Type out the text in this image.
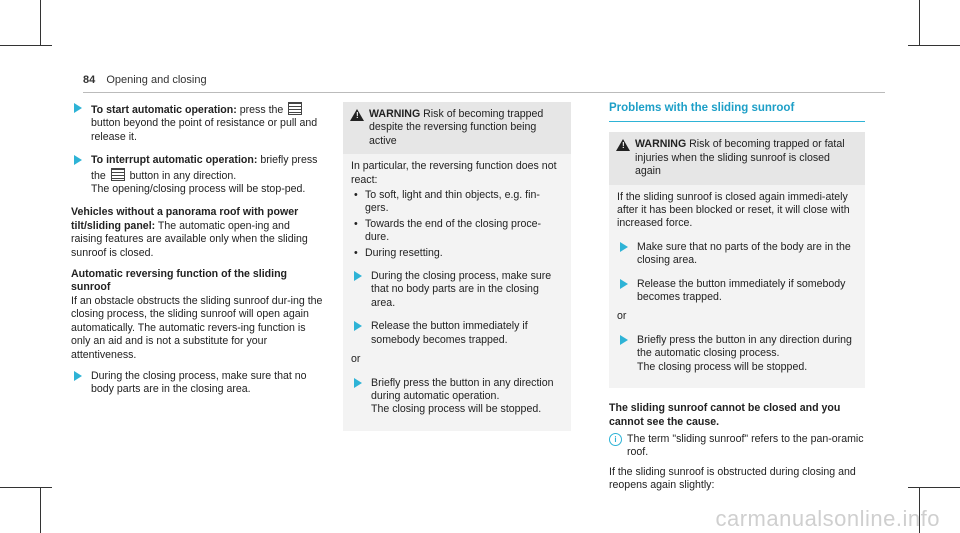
84 Opening and closing
To start automatic operation: press the  button beyond the point of resistance or pull and release it.
To interrupt automatic operation: briefly press the  button in any direction.
The opening/closing process will be stop-ped.

Vehicles without a panorama roof with power tilt/sliding panel: The automatic open-ing and raising features are available only when the sliding sunroof is closed.

Automatic reversing function of the sliding sunroof

If an obstacle obstructs the sliding sunroof dur-ing the closing process, the sliding sunroof will open again automatically. The automatic revers-ing function is only an aid and is not a substitute for your attentiveness.

During the closing process, make sure that no body parts are in the closing area.
! WARNING Risk of becoming trapped despite the reversing function being active
In particular, the reversing function does not react:
• To soft, light and thin objects, e.g. fin-gers.
• Towards the end of the closing proce-dure.
• During resetting.
During the closing process, make sure that no body parts are in the closing area.
Release the button immediately if somebody becomes trapped.
or
Briefly press the button in any direction during automatic operation.
The closing process will be stopped.
Problems with the sliding sunroof
! WARNING Risk of becoming trapped or fatal injuries when the sliding sunroof is closed again
If the sliding sunroof is closed again immedi-ately after it has been blocked or reset, it will close with increased force.
Make sure that no parts of the body are in the closing area.
Release the button immediately if somebody becomes trapped.
or
Briefly press the button in any direction during the automatic closing process.
The closing process will be stopped.
The sliding sunroof cannot be closed and you cannot see the cause.
i The term "sliding sunroof" refers to the pan-oramic roof.
If the sliding sunroof is obstructed during closing and reopens again slightly:
carmanualsonline.info
